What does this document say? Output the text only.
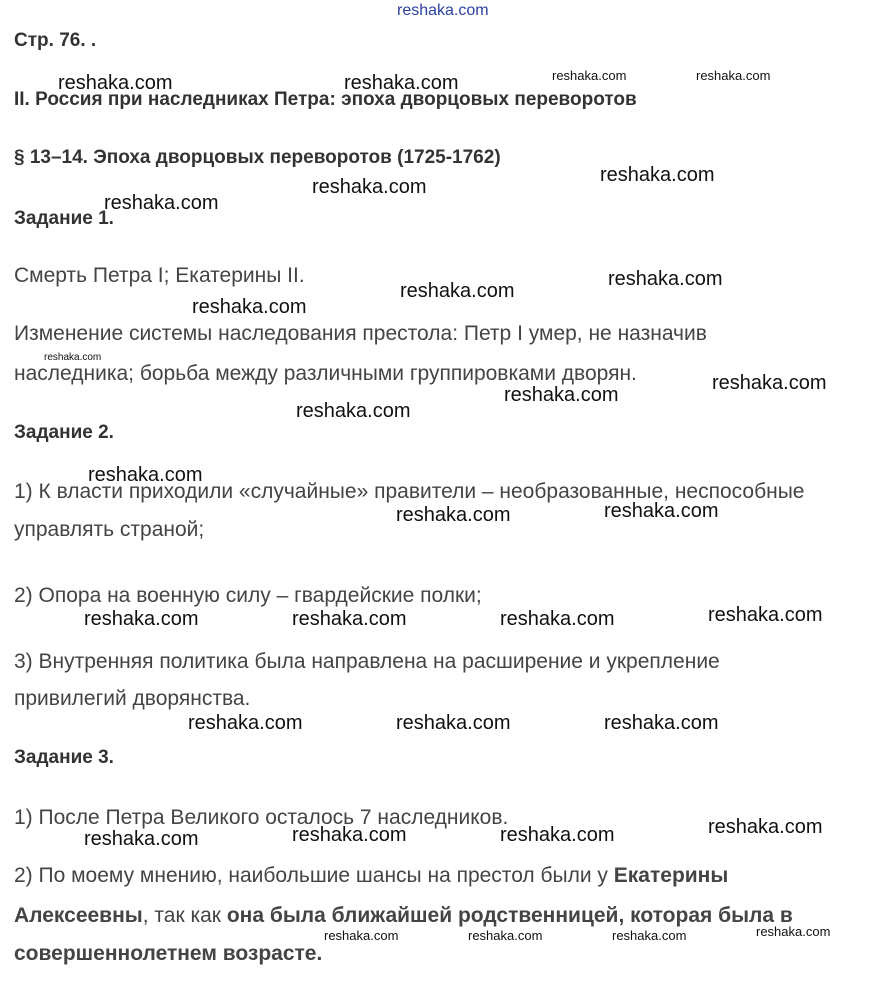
Стр. 76. .
II. Россия при наследниках Петра: эпоха дворцовых переворотов
§ 13–14. Эпоха дворцовых переворотов (1725-1762)
Задание 1.
Смерть Петра I; Екатерины II.
Изменение системы наследования престола: Петр I умер, не назначив
наследника; борьба между различными группировками дворян.
Задание 2.
1) К власти приходили «случайные» правители – необразованные, неспособные
управлять страной;
2) Опора на военную силу – гвардейские полки;
3) Внутренняя политика была направлена на расширение и укрепление
привилегий дворянства.
Задание 3.
1) После Петра Великого осталось 7 наследников.
2) По моему мнению, наибольшие шансы на престол были у Екатерины
Алексеевны, так как она была ближайшей родственницей, которая была в
совершеннолетнем возрасте.
reshaka.com
reshaka.com	reshaka.com	reshaka.com	reshaka.com
reshaka.com
reshaka.com
reshaka.com
reshaka.com
reshaka.com
reshaka.com
reshaka.com
reshaka.com
reshaka.com
reshaka.com
reshaka.com
reshaka.com	reshaka.com
reshaka.com	reshaka.com	reshaka.com	reshaka.com
reshaka.com	reshaka.com	reshaka.com
reshaka.com	reshaka.com	reshaka.com	reshaka.com
reshaka.com	reshaka.com	reshaka.com	reshaka.com
